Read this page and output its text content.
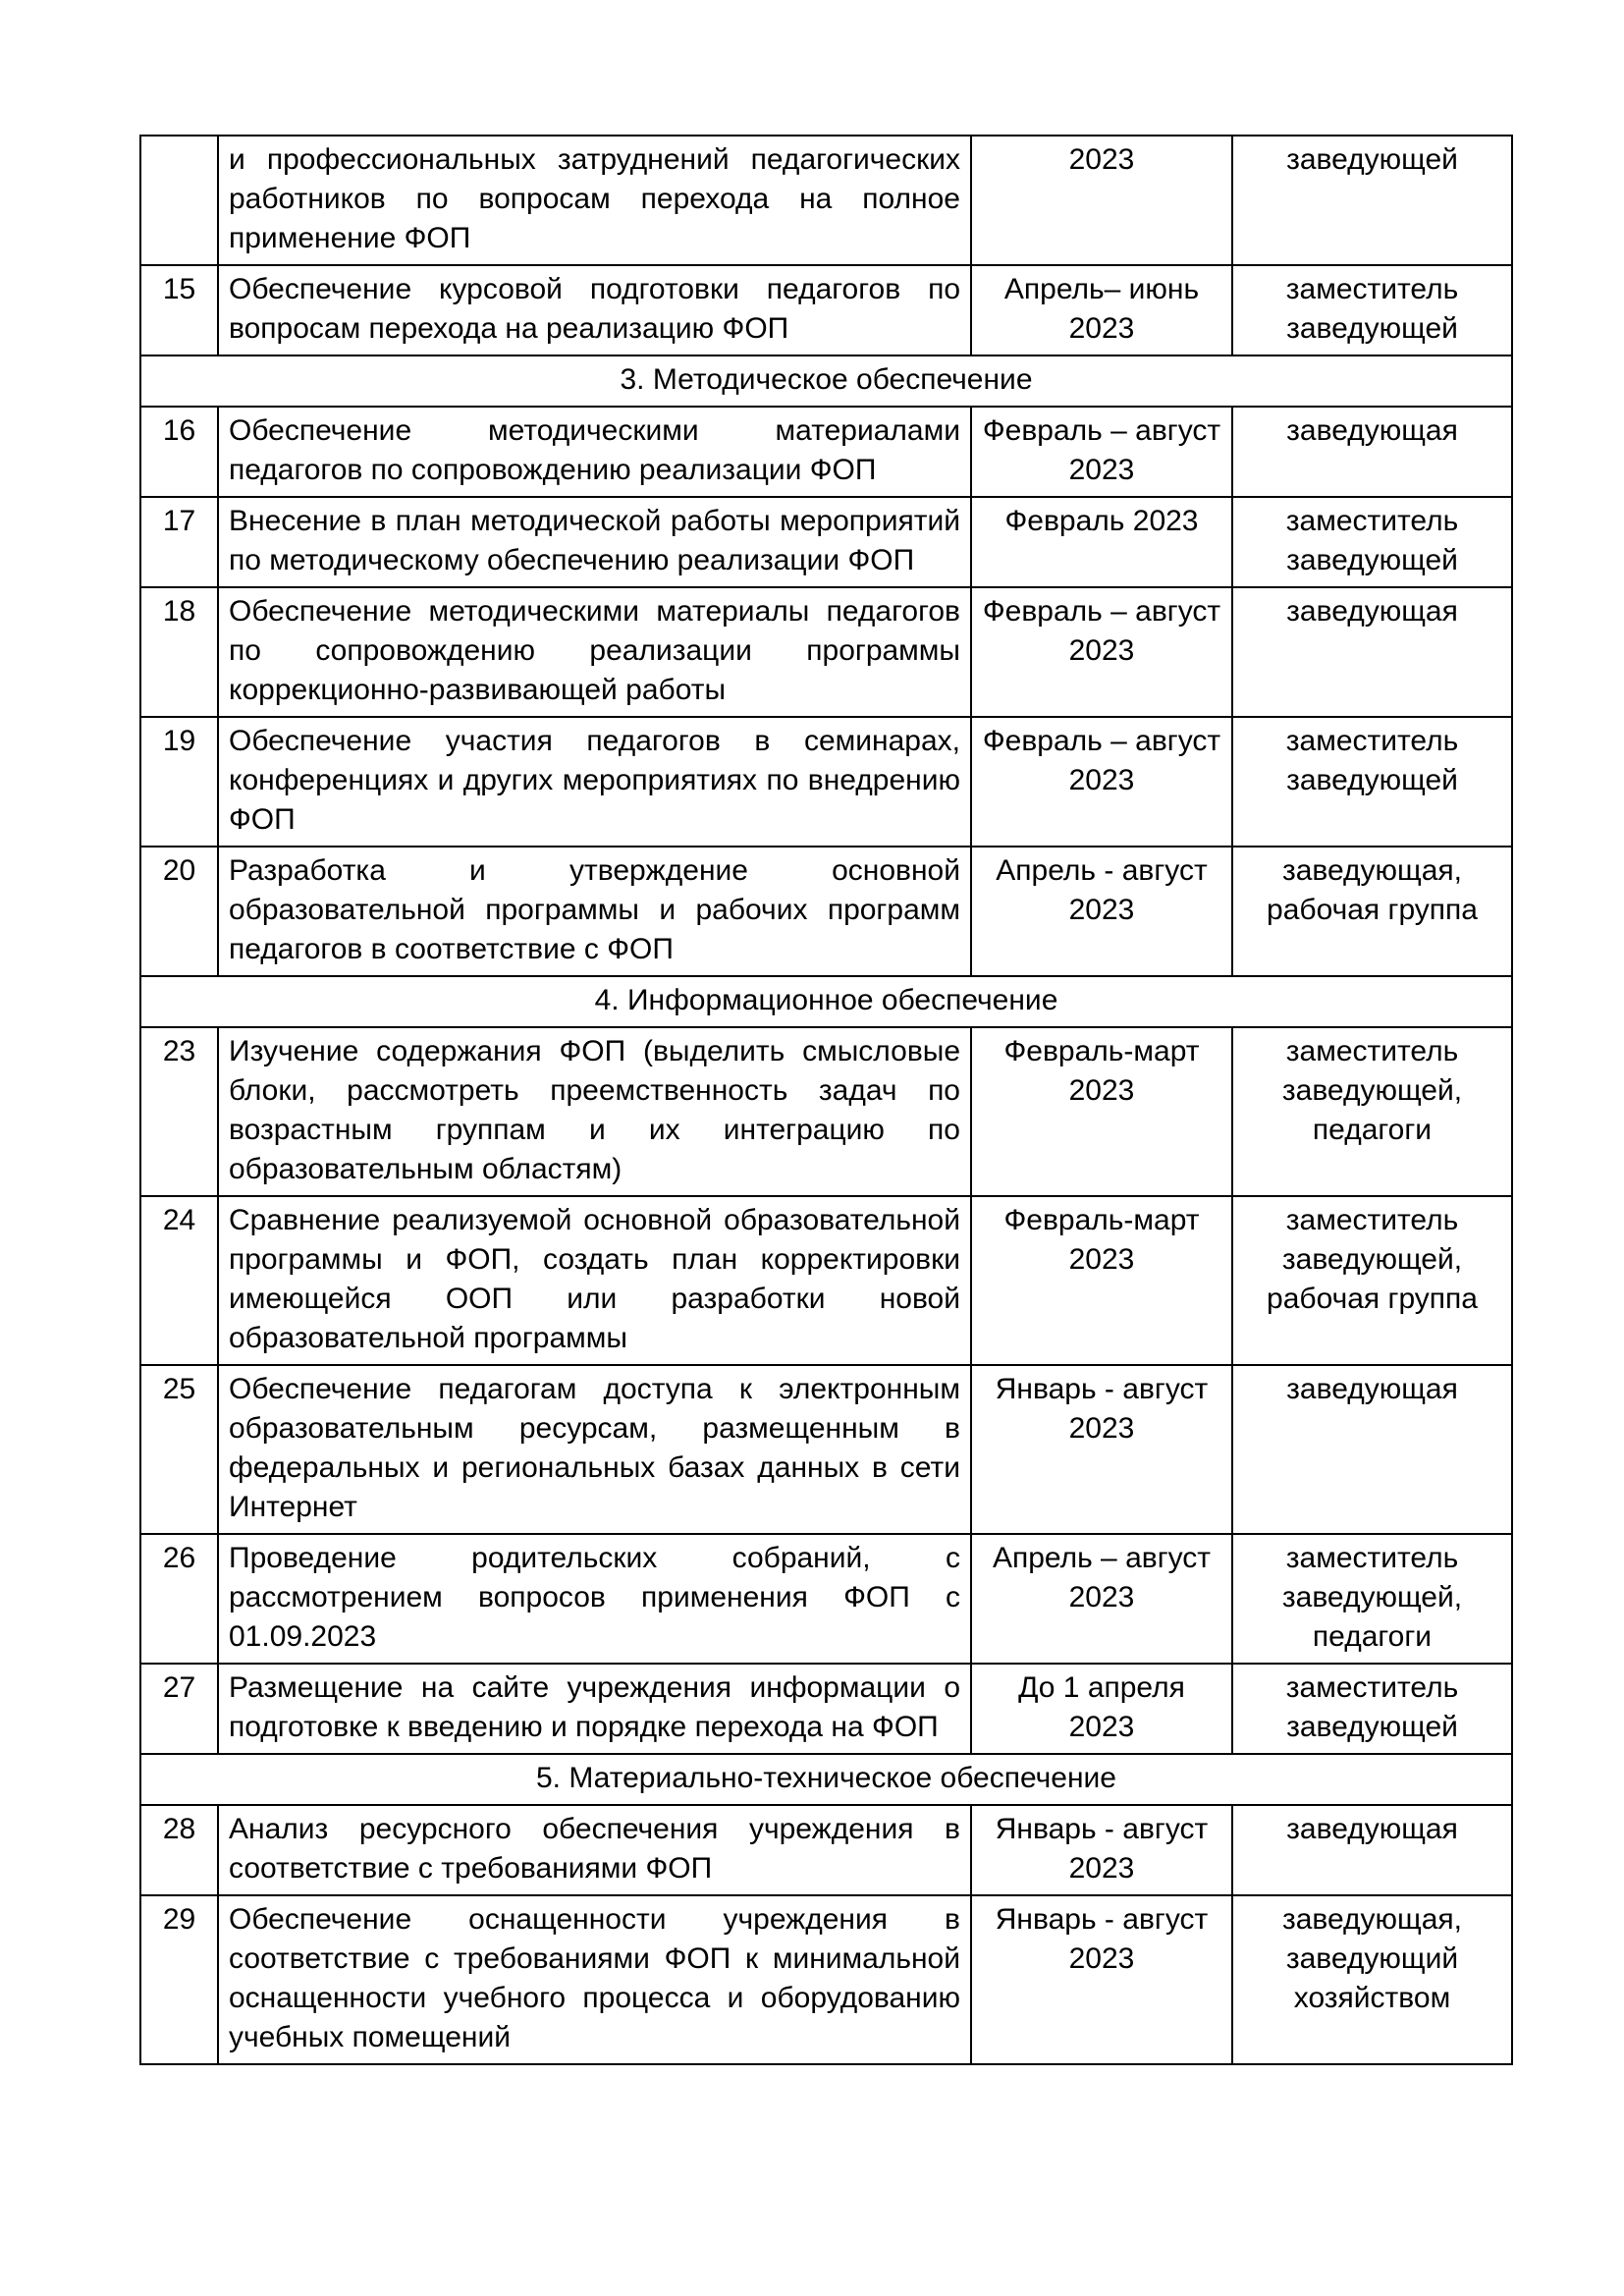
	и профессиональных затруднений педагогических работников по вопросам перехода на полное применение ФОП	2023	заведующей
15	Обеспечение курсовой подготовки педагогов по вопросам перехода на реализацию ФОП	Апрель– июнь 2023	заместитель заведующей
3. Методическое обеспечение			
16	Обеспечение методическими материалами педагогов по сопровождению реализации ФОП	Февраль – август 2023	заведующая
17	Внесение в план методической работы мероприятий по методическому обеспечению реализации ФОП	Февраль 2023	заместитель заведующей
18	Обеспечение методическими материалы педагогов по сопровождению реализации программы коррекционно-развивающей работы	Февраль – август 2023	заведующая
19	Обеспечение участия педагогов в семинарах, конференциях и других мероприятиях по внедрению ФОП	Февраль – август 2023	заместитель заведующей
20	Разработка и утверждение основной образовательной программы и рабочих программ педагогов в соответствие с ФОП	Апрель - август 2023	заведующая, рабочая группа
4. Информационное обеспечение			
23	Изучение содержания ФОП (выделить смысловые блоки, рассмотреть преемственность задач по возрастным группам и их интеграцию по образовательным областям)	Февраль-март 2023	заместитель заведующей, педагоги
24	Сравнение реализуемой основной образовательной программы и ФОП, создать план корректировки имеющейся ООП или разработки новой образовательной программы	Февраль-март 2023	заместитель заведующей, рабочая группа
25	Обеспечение педагогам доступа к электронным образовательным ресурсам, размещенным в федеральных и региональных базах данных в сети Интернет	Январь - август 2023	заведующая
26	Проведение родительских собраний, с рассмотрением вопросов применения ФОП с 01.09.2023	Апрель – август 2023	заместитель заведующей, педагоги
27	Размещение на сайте учреждения информации о подготовке к введению и порядке перехода на ФОП	До 1 апреля 2023	заместитель заведующей
5. Материально-техническое обеспечение			
28	Анализ ресурсного обеспечения учреждения в соответствие с требованиями ФОП	Январь - август 2023	заведующая
29	Обеспечение оснащенности учреждения в соответствие с требованиями ФОП к минимальной оснащенности учебного процесса и оборудованию учебных помещений	Январь - август 2023	заведующая, заведующий хозяйством
